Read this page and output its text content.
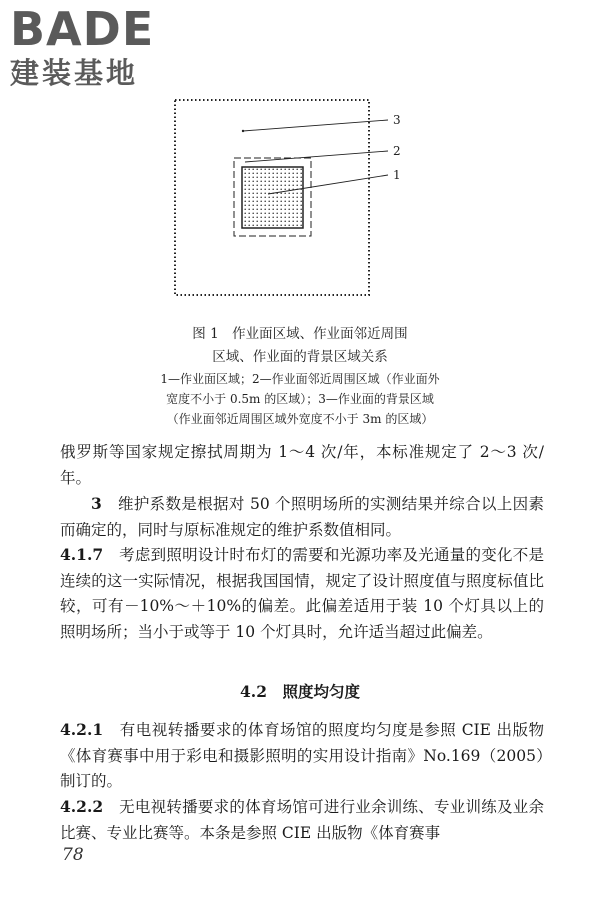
BADE
建装基地
3
2
1
图 1　作业面区域、作业面邻近周围
区域、作业面的背景区域关系
1—作业面区域；2—作业面邻近周围区域（作业面外
宽度不小于 0.5m 的区域）；3—作业面的背景区域
（作业面邻近周围区域外宽度不小于 3m 的区域）

俄罗斯等国家规定擦拭周期为 1～4 次/年，本标准规定了 2～3 次/年。

3　 维护系数是根据对 50 个照明场所的实测结果并综合以上因素而确定的，同时与原标准规定的维护系数值相同。

4.1.7　 考虑到照明设计时布灯的需要和光源功率及光通量的变化不是连续的这一实际情况，根据我国国情，规定了设计照度值与照度标值比较，可有－10%～＋10%的偏差。此偏差适用于装 10 个灯具以上的照明场所；当小于或等于 10 个灯具时，允许适当超过此偏差。

4.2　照度均匀度

4.2.1　 有电视转播要求的体育场馆的照度均匀度是参照 CIE 出版物《体育赛事中用于彩电和摄影照明的实用设计指南》No.169（2005）制订的。

4.2.2　 无电视转播要求的体育场馆可进行业余训练、专业训练及业余比赛、专业比赛等。本条是参照 CIE 出版物《体育赛事

78
